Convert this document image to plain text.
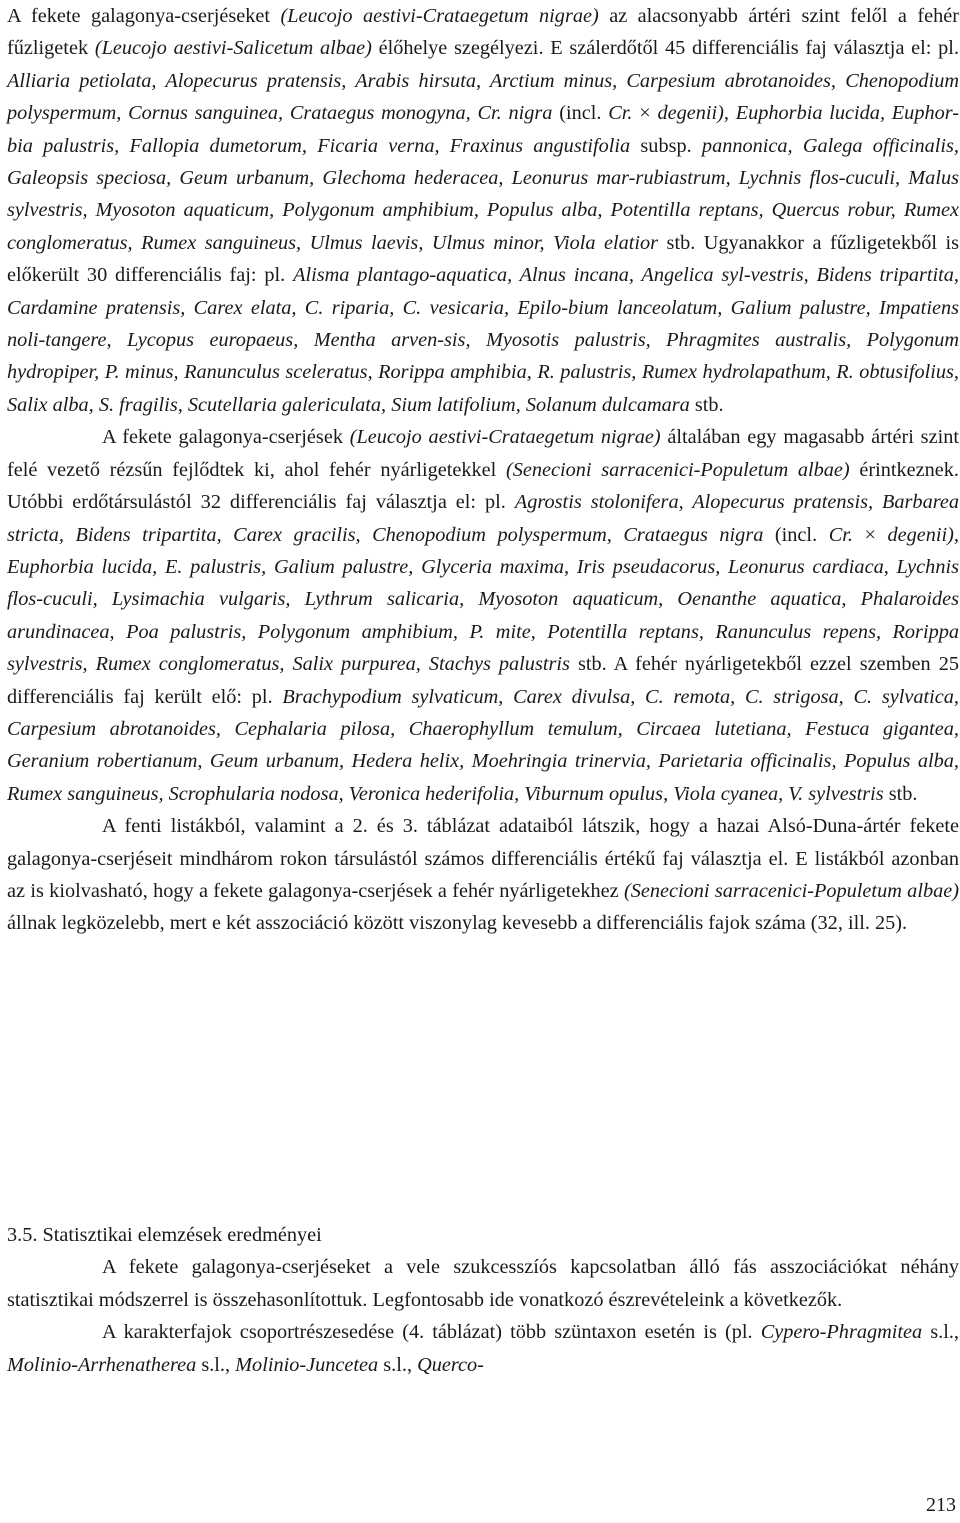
A fekete galagonya-cserjéseket (Leucojo aestivi-Crataegetum nigrae) az alacsonyabb ártéri szint felől a fehér fűzligetek (Leucojo aestivi-Salicetum albae) élőhelye szegélyezi. E szálerdőtől 45 differenciális faj választja el: pl. Alliaria petiolata, Alopecurus pratensis, Arabis hirsuta, Arctium minus, Carpesium abrotanoides, Chenopodium polyspermum, Cornus sanguinea, Crataegus monogyna, Cr. nigra (incl. Cr. × degenii), Euphorbia lucida, Euphor-bia palustris, Fallopia dumetorum, Ficaria verna, Fraxinus angustifolia subsp. pannonica, Galega officinalis, Galeopsis speciosa, Geum urbanum, Glechoma hederacea, Leonurus mar-rubiastrum, Lychnis flos-cuculi, Malus sylvestris, Myosoton aquaticum, Polygonum amphibium, Populus alba, Potentilla reptans, Quercus robur, Rumex conglomeratus, Rumex sanguineus, Ulmus laevis, Ulmus minor, Viola elatior stb. Ugyanakkor a fűzligetekből is előkerült 30 differenciális faj: pl. Alisma plantago-aquatica, Alnus incana, Angelica syl-vestris, Bidens tripartita, Cardamine pratensis, Carex elata, C. riparia, C. vesicaria, Epilo-bium lanceolatum, Galium palustre, Impatiens noli-tangere, Lycopus europaeus, Mentha arven-sis, Myosotis palustris, Phragmites australis, Polygonum hydropiper, P. minus, Ranunculus sceleratus, Rorippa amphibia, R. palustris, Rumex hydrolapathum, R. obtusifolius, Salix alba, S. fragilis, Scutellaria galericulata, Sium latifolium, Solanum dulcamara stb.

A fekete galagonya-cserjések (Leucojo aestivi-Crataegetum nigrae) általában egy magasabb ártéri szint felé vezető rézsűn fejlődtek ki, ahol fehér nyárligetekkel (Senecioni sarracenici-Populetum albae) érintkeznek. Utóbbi erdőtársulástól 32 differenciális faj választja el: pl. Agrostis stolonifera, Alopecurus pratensis, Barbarea stricta, Bidens tripartita, Carex gracilis, Chenopodium polyspermum, Crataegus nigra (incl. Cr. × degenii), Euphorbia lucida, E. palustris, Galium palustre, Glyceria maxima, Iris pseudacorus, Leonurus cardiaca, Lychnis flos-cuculi, Lysimachia vulgaris, Lythrum salicaria, Myosoton aquaticum, Oenanthe aquatica, Phalaroides arundinacea, Poa palustris, Polygonum amphibium, P. mite, Potentilla reptans, Ranunculus repens, Rorippa sylvestris, Rumex conglomeratus, Salix purpurea, Stachys palustris stb. A fehér nyárligetekből ezzel szemben 25 differenciális faj került elő: pl. Brachypodium sylvaticum, Carex divulsa, C. remota, C. strigosa, C. sylvatica, Carpesium abrotanoides, Cephalaria pilosa, Chaerophyllum temulum, Circaea lutetiana, Festuca gigantea, Geranium robertianum, Geum urbanum, Hedera helix, Moehringia trinervia, Parietaria officinalis, Populus alba, Rumex sanguineus, Scrophularia nodosa, Veronica hederifolia, Viburnum opulus, Viola cyanea, V. sylvestris stb.

A fenti listákból, valamint a 2. és 3. táblázat adataiból látszik, hogy a hazai Alsó-Duna-ártér fekete galagonya-cserjéseit mindhárom rokon társulástól számos differenciális értékű faj választja el. E listákból azonban az is kiolvasható, hogy a fekete galagonya-cserjések a fehér nyárligetekhez (Senecioni sarracenici-Populetum albae) állnak legközelebb, mert e két asszociáció között viszonylag kevesebb a differenciális fajok száma (32, ill. 25).

3.5. Statisztikai elemzések eredményei

A fekete galagonya-cserjéseket a vele szukcesszíós kapcsolatban álló fás asszociációkat néhány statisztikai módszerrel is összehasonlítottuk. Legfontosabb ide vonatkozó észrevételeink a következők.

A karakterfajok csoportrészesedése (4. táblázat) több szüntaxon esetén is (pl. Cypero-Phragmitea s.l., Molinio-Arrhenatherea s.l., Molinio-Juncetea s.l., Querco-

213
